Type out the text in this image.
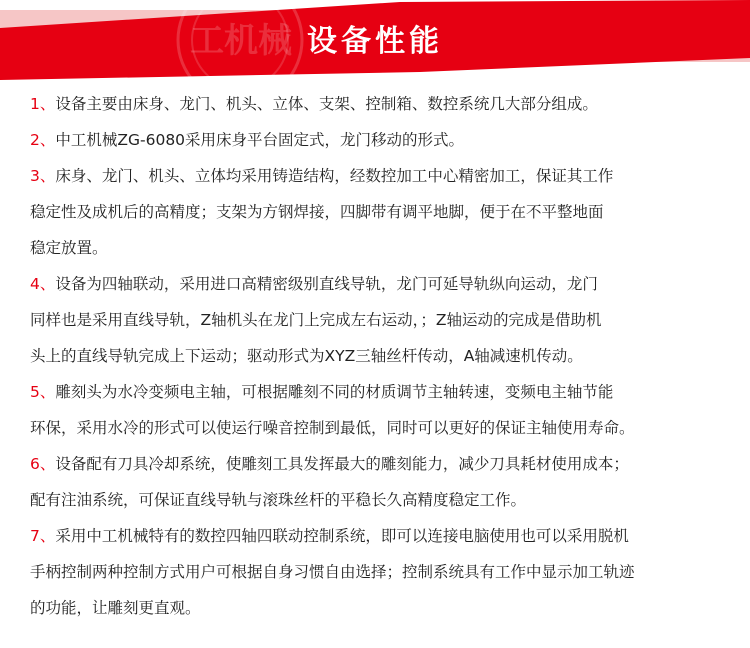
工机械 设备性能
1、设备主要由床身、龙门、机头、立体、支架、控制箱、数控系统几大部分组成。
2、中工机械ZG-6080采用床身平台固定式，龙门移动的形式。
3、床身、龙门、机头、立体均采用铸造结构，经数控加工中心精密加工，保证其工作
稳定性及成机后的高精度；支架为方钢焊接，四脚带有调平地脚，便于在不平整地面
稳定放置。
4、设备为四轴联动，采用进口高精密级别直线导轨，龙门可延导轨纵向运动，龙门
同样也是采用直线导轨，Z轴机头在龙门上完成左右运动，；Z轴运动的完成是借助机
头上的直线导轨完成上下运动；驱动形式为XYZ三轴丝杆传动，A轴减速机传动。
5、雕刻头为水冷变频电主轴，可根据雕刻不同的材质调节主轴转速，变频电主轴节能
环保，采用水冷的形式可以使运行噪音控制到最低，同时可以更好的保证主轴使用寿命。
6、设备配有刀具冷却系统，使雕刻工具发挥最大的雕刻能力，减少刀具耗材使用成本；
配有注油系统，可保证直线导轨与滚珠丝杆的平稳长久高精度稳定工作。
7、采用中工机械特有的数控四轴四联动控制系统，即可以连接电脑使用也可以采用脱机
手柄控制两种控制方式用户可根据自身习惯自由选择；控制系统具有工作中显示加工轨迹
的功能，让雕刻更直观。
